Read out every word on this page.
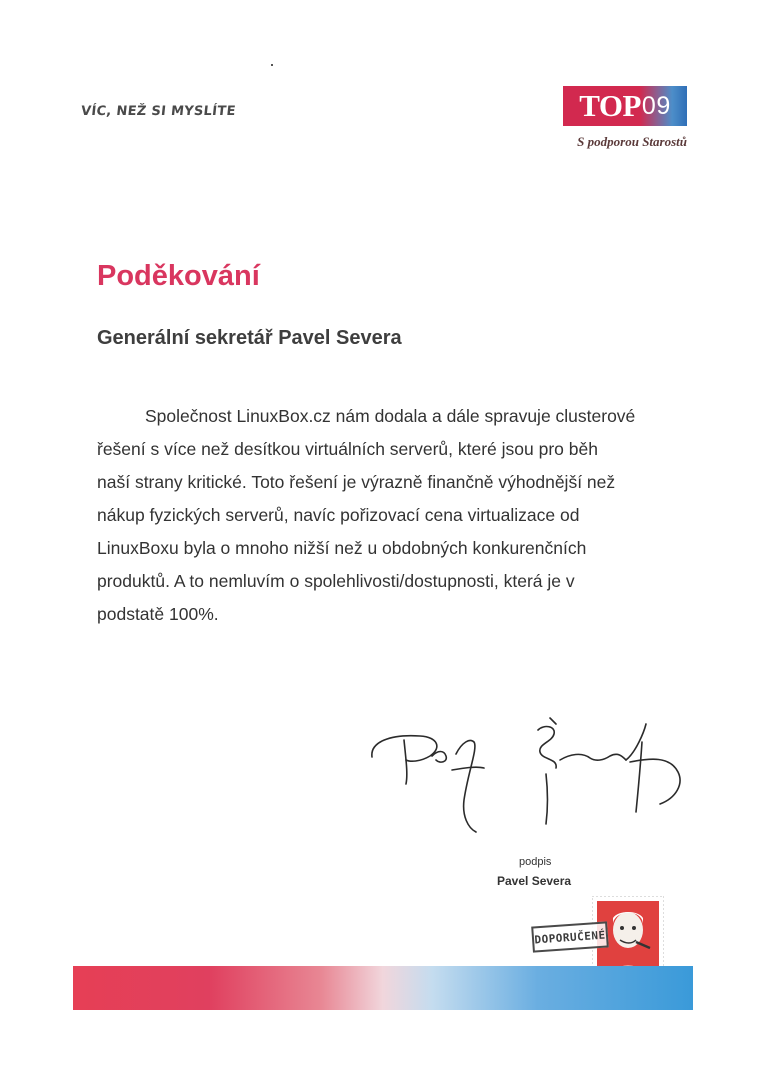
VÍC, NEŽ SI MYSLÍTE	TOP 09
S podporou Starostů
Poděkování
Generální sekretář Pavel Severa
Společnost LinuxBox.cz nám dodala a dále spravuje clusterové
řešení s více než desítkou virtuálních serverů, které jsou pro běh
naší strany kritické. Toto řešení je výrazně finančně výhodnější než
nákup fyzických serverů, navíc pořizovací cena virtualizace od
LinuxBoxu byla o mnoho nižší než u obdobných konkurenčních
produktů. A to nemluvím o spolehlivosti/dostupnosti, která je v
podstatě 100%.
podpis
Pavel Severa
DOPORUČENÉ
